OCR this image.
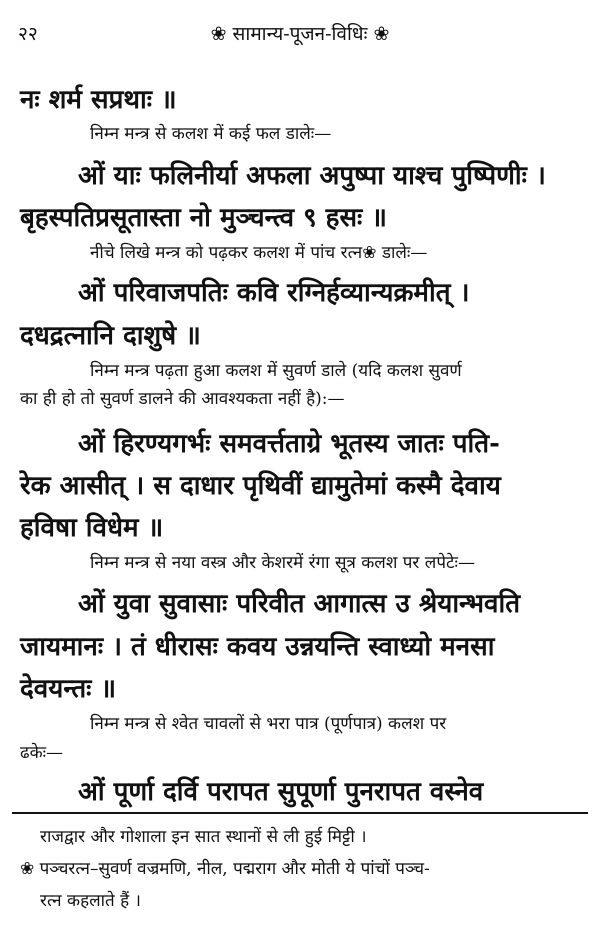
२२	❀ सामान्य-पूजन-विधिः ❀
नः शर्म सप्रथाः ॥
निम्न मन्त्र से कलश में कई फल डालेः—
ओं याः फलिनीर्या अफला अपुष्पा याश्च पुष्पिणीः ।
बृहस्पतिप्रसूतास्ता नो मुञ्चन्त्व ९ हसः ॥
नीचे लिखे मन्त्र को पढ़कर कलश में पांच रत्न❀ डालेः—
ओं परिवाजपतिः कवि रग्निर्हव्यान्यक्रमीत् ।
दधद्रत्नानि दाशुषे ॥
निम्न मन्त्र पढ़ता हुआ कलश में सुवर्ण डाले (यदि कलश सुवर्ण
का ही हो तो सुवर्ण डालने की आवश्यकता नहीं है):—
ओं हिरण्यगर्भः समवर्त्तताग्रे भूतस्य जातः पति-
रेक आसीत् । स दाधार पृथिवीं द्यामुतेमां कस्मै देवाय
हविषा विधेम ॥
निम्न मन्त्र से नया वस्त्र और केशरमें रंगा सूत्र कलश पर लपेटेः—
ओं युवा सुवासाः परिवीत आगात्स उ श्रेयान्भवति
जायमानः । तं धीरासः कवय उन्नयन्ति स्वाध्यो मनसा
देवयन्तः ॥
निम्न मन्त्र से श्वेत चावलों से भरा पात्र (पूर्णपात्र) कलश पर
ढकेः—
ओं पूर्णा दर्वि परापत सुपूर्णा पुनरापत वस्नेव
राजद्वार और गोशाला इन सात स्थानों से ली हुई मिट्टी ।
❀ पञ्चरत्न–सुवर्ण वज्रमणि, नील, पद्मराग और मोती ये पांचों पञ्च-
रत्न कहलाते हैं ।
